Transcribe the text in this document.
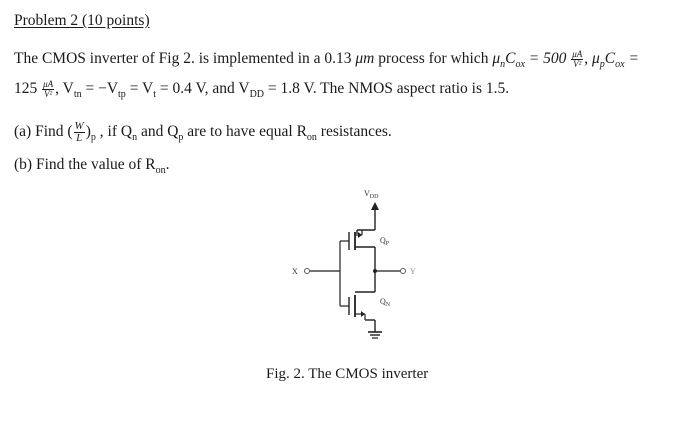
Problem 2 (10 points)
The CMOS inverter of Fig 2. is implemented in a 0.13 μm process for which $\mu_nC_{ox} = 500 \frac{\mu A}{\text{V²}}$ , $\mu_pC_{ox}$ =
$125 \frac{\mu A}{\text{V²}}$ , $V_{tn} = -V_{tp} = V_t = 0.4$ V, and $V_{DD} = 1.8$ V. The NMOS aspect ratio is 1.5.
(a) Find ( $\frac{W}{L} )_p$ , if $Q_n$ and $Q_p$ are to have equal $R_{on}$ resistances.
(b) Find the value of $R_{on}$.
$V_{DD}$
$Q_P$
Y
X
$Q_N$
Fig. 2. The CMOS inverter
